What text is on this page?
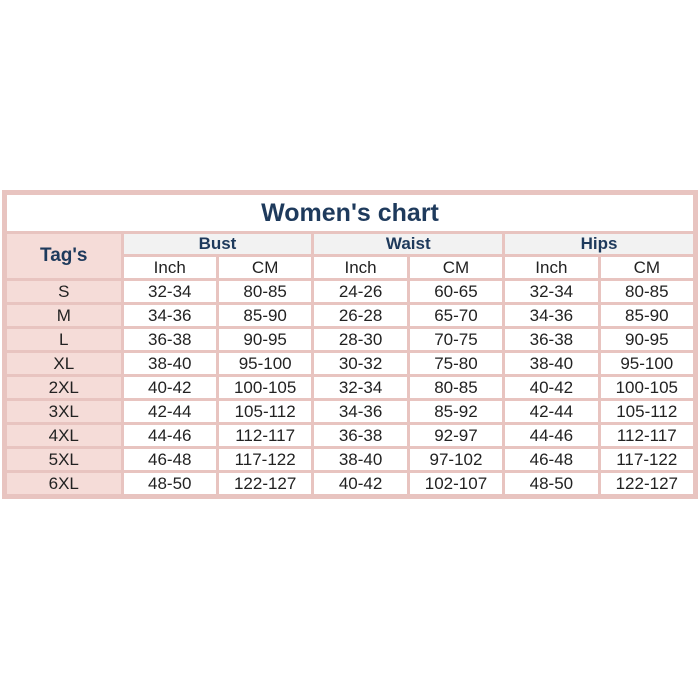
Women's chart						
Tag's	Bust		Waist		Hips	
	Inch	CM	Inch	CM	Inch	CM
S	32-34	80-85	24-26	60-65	32-34	80-85
M	34-36	85-90	26-28	65-70	34-36	85-90
L	36-38	90-95	28-30	70-75	36-38	90-95
XL	38-40	95-100	30-32	75-80	38-40	95-100
2XL	40-42	100-105	32-34	80-85	40-42	100-105
3XL	42-44	105-112	34-36	85-92	42-44	105-112
4XL	44-46	112-117	36-38	92-97	44-46	112-117
5XL	46-48	117-122	38-40	97-102	46-48	117-122
6XL	48-50	122-127	40-42	102-107	48-50	122-127
